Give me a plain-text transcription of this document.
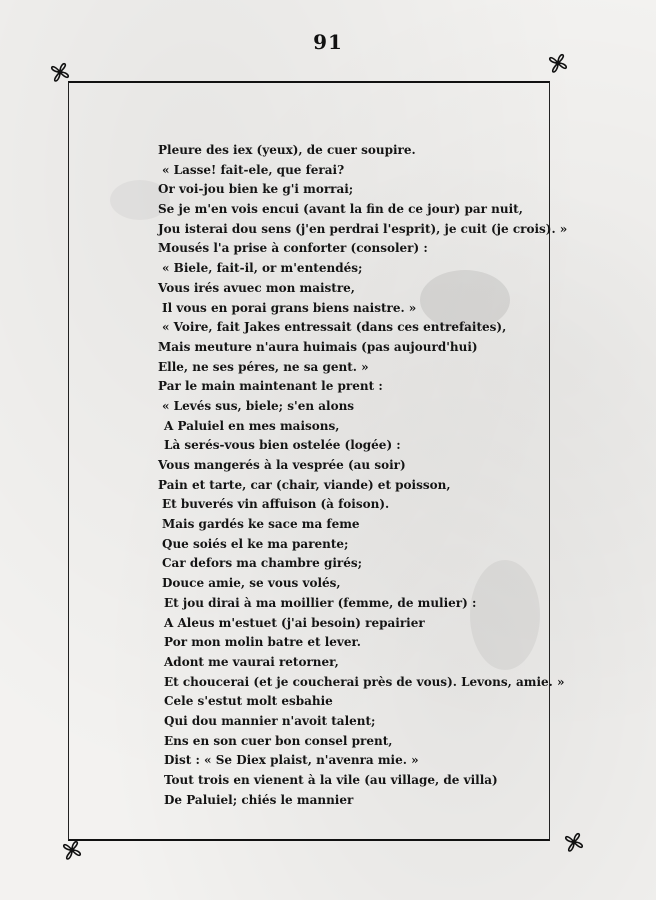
91
Pleure des iex (yeux), de cuer soupire.
« Lasse! fait-ele, que ferai?
Or voi-jou bien ke g'i morrai;
Se je m'en vois encui (avant la fin de ce jour) par nuit,
Jou isterai dou sens (j'en perdrai l'esprit), je cuit (je crois). »
Mousés l'a prise à conforter (consoler) :
« Biele, fait-il, or m'entendés;
Vous irés avuec mon maistre,
Il vous en porai grans biens naistre. »
« Voire, fait Jakes entressait (dans ces entrefaites),
Mais meuture n'aura huimais (pas aujourd'hui)
Elle, ne ses péres, ne sa gent. »
Par le main maintenant le prent :
« Levés sus, biele; s'en alons
A Paluiel en mes maisons,
Là serés-vous bien ostelée (logée) :
Vous mangerés à la vesprée (au soir)
Pain et tarte, car (chair, viande) et poisson,
Et buverés vin affuison (à foison).
Mais gardés ke sace ma feme
Que soiés el ke ma parente;
Car defors ma chambre girés;
Douce amie, se vous volés,
Et jou dirai à ma moillier (femme, de mulier) :
A Aleus m'estuet (j'ai besoin) repairier
Por mon molin batre et lever.
Adont me vaurai retorner,
Et choucerai (et je coucherai près de vous). Levons, amie. »
Cele s'estut molt esbahie
Qui dou mannier n'avoit talent;
Ens en son cuer bon consel prent,
Dist : « Se Diex plaist, n'avenra mie. »
Tout trois en vienent à la vile (au village, de villa)
De Paluiel; chiés le mannier
